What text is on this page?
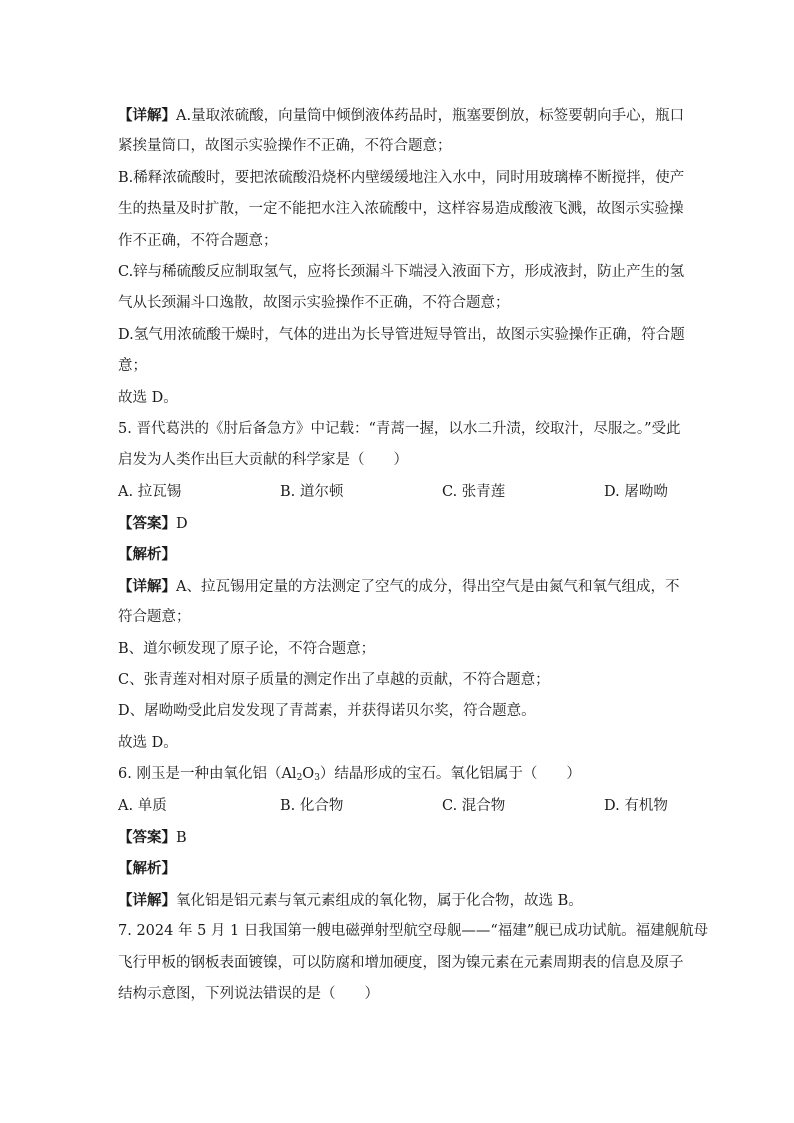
【详解】A.量取浓硫酸，向量筒中倾倒液体药品时，瓶塞要倒放，标签要朝向手心，瓶口
紧挨量筒口，故图示实验操作不正确，不符合题意；
B.稀释浓硫酸时，要把浓硫酸沿烧杯内壁缓缓地注入水中，同时用玻璃棒不断搅拌，使产
生的热量及时扩散，一定不能把水注入浓硫酸中，这样容易造成酸液飞溅，故图示实验操
作不正确，不符合题意；
C.锌与稀硫酸反应制取氢气，应将长颈漏斗下端浸入液面下方，形成液封，防止产生的氢
气从长颈漏斗口逸散，故图示实验操作不正确，不符合题意；
D.氢气用浓硫酸干燥时，气体的进出为长导管进短导管出，故图示实验操作正确，符合题
意；
故选 D。
5. 晋代葛洪的《肘后备急方》中记载：“青蒿一握，以水二升渍，绞取汁，尽服之。”受此
启发为人类作出巨大贡献的科学家是（　　）
A. 拉瓦锡	B. 道尔顿	C. 张青莲	D. 屠呦呦
【答案】D
【解析】
【详解】A、拉瓦锡用定量的方法测定了空气的成分，得出空气是由氮气和氧气组成，不
符合题意；
B、道尔顿发现了原子论，不符合题意；
C、张青莲对相对原子质量的测定作出了卓越的贡献，不符合题意；
D、屠呦呦受此启发发现了青蒿素，并获得诺贝尔奖，符合题意。
故选 D。
6. 刚玉是一种由氧化铝$(Al_2O_3)$结晶形成的宝石。氧化铝属于（　　）
A. 单质	B. 化合物	C. 混合物	D. 有机物
【答案】B
【解析】
【详解】氧化铝是铝元素与氧元素组成的氧化物，属于化合物，故选 B。
7. 2024 年 5 月 1 日我国第一艘电磁弹射型航空母舰——“福建”舰已成功试航。福建舰航母
飞行甲板的钢板表面镀镍，可以防腐和增加硬度，图为镍元素在元素周期表的信息及原子
结构示意图，下列说法错误的是（　　）
